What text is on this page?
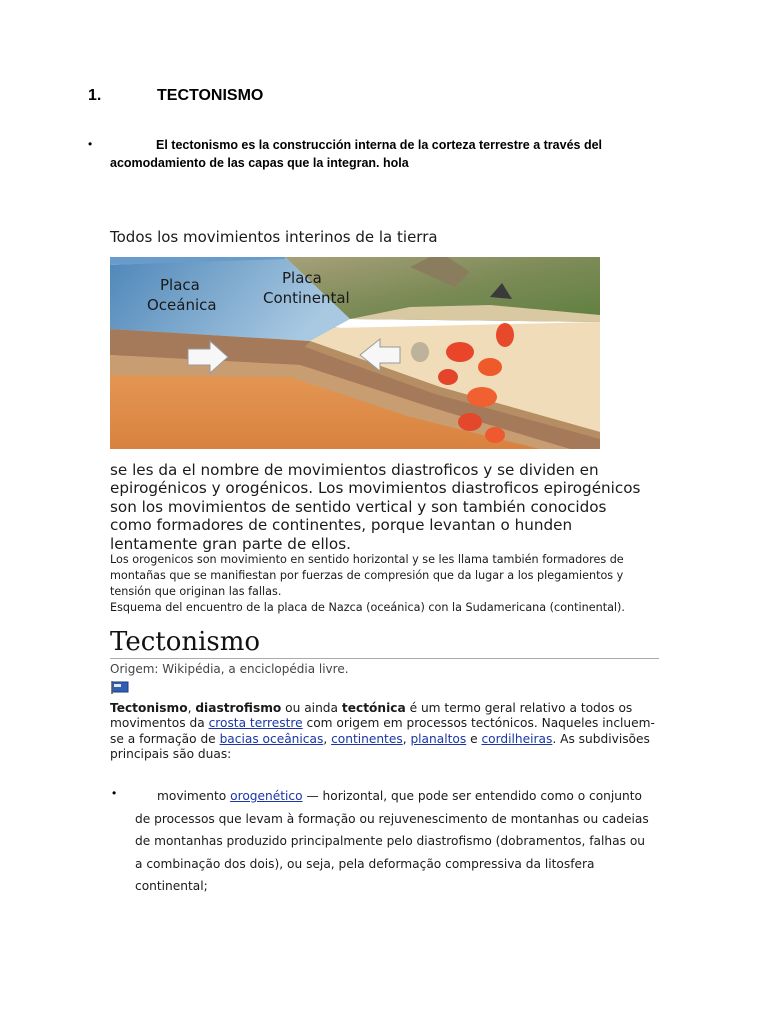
1.	TECTONISMO
•	El tectonismo es la construcción interna de la corteza terrestre a través del acomodamiento de las capas que la integran. hola
Todos los movimientos interinos de la tierra
Placa
Oceánica
Placa
Continental
se les da el nombre de movimientos diastroficos y se dividen en epirogénicos y orogénicos. Los movimientos diastroficos epirogénicos son los movimientos de sentido vertical y son también conocidos como formadores de continentes, porque levantan o hunden lentamente gran parte de ellos.
Los orogenicos son movimiento en sentido horizontal y se les llama también formadores de montañas que se manifiestan por fuerzas de compresión que da lugar a los plegamientos y tensión que originan las fallas.
Esquema del encuentro de la placa de Nazca (oceánica) con la Sudamericana (continental).
Tectonismo
Origem: Wikipédia, a enciclopédia livre.
Tectonismo, diastrofismo ou ainda tectónica é um termo geral relativo a todos os movimentos da crosta terrestre com origem em processos tectónicos. Naqueles incluem-se a formação de bacias oceânicas, continentes, planaltos e cordilheiras. As subdivisões principais são duas:
•	movimento orogenético — horizontal, que pode ser entendido como o conjunto de processos que levam à formação ou rejuvenescimento de montanhas ou cadeias de montanhas produzido principalmente pelo diastrofismo (dobramentos, falhas ou a combinação dos dois), ou seja, pela deformação compressiva da litosfera continental;
